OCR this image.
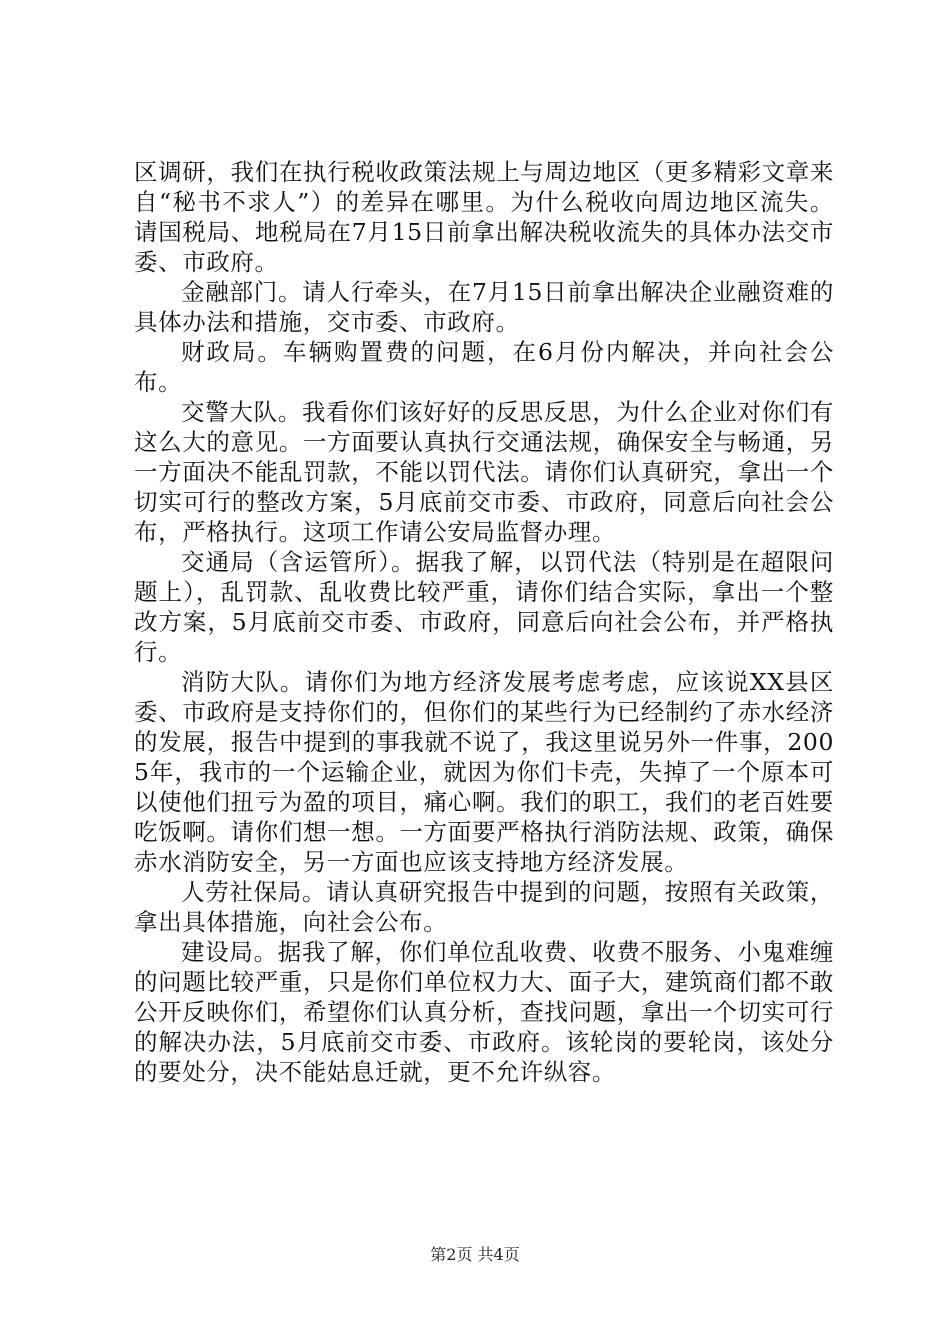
区调研，我们在执行税收政策法规上与周边地区（更多精彩文章来自“秘书不求人”）的差异在哪里。为什么税收向周边地区流失。请国税局、地税局在7月15日前拿出解决税收流失的具体办法交市委、市政府。

金融部门。请人行牵头，在7月15日前拿出解决企业融资难的具体办法和措施，交市委、市政府。

财政局。车辆购置费的问题，在6月份内解决，并向社会公布。

交警大队。我看你们该好好的反思反思，为什么企业对你们有这么大的意见。一方面要认真执行交通法规，确保安全与畅通，另一方面决不能乱罚款，不能以罚代法。请你们认真研究，拿出一个切实可行的整改方案，5月底前交市委、市政府，同意后向社会公布，严格执行。这项工作请公安局监督办理。

交通局（含运管所）。据我了解，以罚代法（特别是在超限问题上），乱罚款、乱收费比较严重，请你们结合实际，拿出一个整改方案，5月底前交市委、市政府，同意后向社会公布，并严格执行。

消防大队。请你们为地方经济发展考虑考虑，应该说XX县区委、市政府是支持你们的，但你们的某些行为已经制约了赤水经济的发展，报告中提到的事我就不说了，我这里说另外一件事，2005年，我市的一个运输企业，就因为你们卡壳，失掉了一个原本可以使他们扭亏为盈的项目，痛心啊。我们的职工，我们的老百姓要吃饭啊。请你们想一想。一方面要严格执行消防法规、政策，确保赤水消防安全，另一方面也应该支持地方经济发展。

人劳社保局。请认真研究报告中提到的问题，按照有关政策，拿出具体措施，向社会公布。

建设局。据我了解，你们单位乱收费、收费不服务、小鬼难缠的问题比较严重，只是你们单位权力大、面子大，建筑商们都不敢公开反映你们，希望你们认真分析，查找问题，拿出一个切实可行的解决办法，5月底前交市委、市政府。该轮岗的要轮岗，该处分的要处分，决不能姑息迁就，更不允许纵容。

第2页 共4页
